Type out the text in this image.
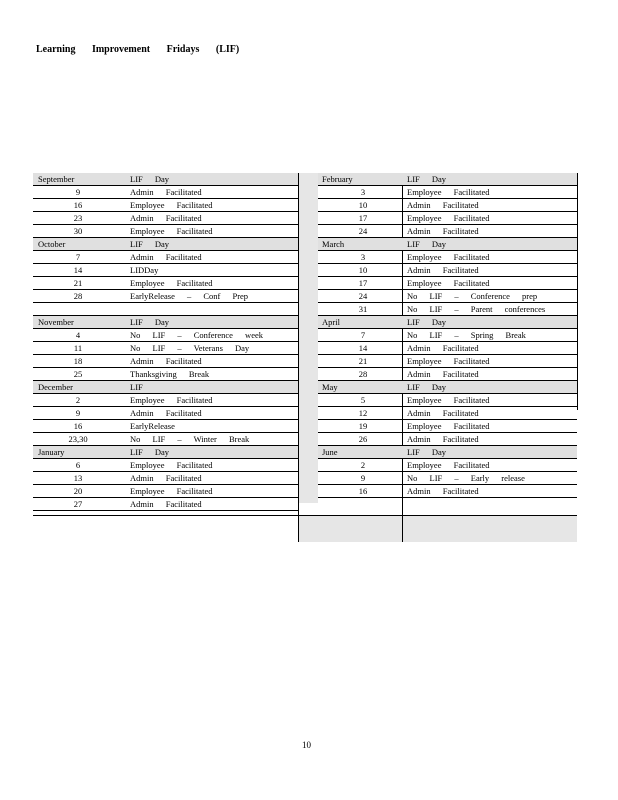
Learning Improvement Fridays (LIF)
September	LIF Day
9	Admin Facilitated
16	Employee Facilitated
23	Admin Facilitated
30	Employee Facilitated
October	LIF Day
7	Admin Facilitated
14	LIDDay
21	Employee Facilitated
28	EarlyRelease – Conf Prep
November	LIF Day
4	No LIF – Conference week
11	No LIF – Veterans Day
18	Admin Facilitated
25	Thanksgiving Break
December	LIF
2	Employee Facilitated
9	Admin Facilitated
16	EarlyRelease
23,30	No LIF – Winter Break
January	LIF Day
6	Employee Facilitated
13	Admin Facilitated
20	Employee Facilitated
27	Admin Facilitated
February	LIF Day
3	Employee Facilitated
10	Admin Facilitated
17	Employee Facilitated
24	Admin Facilitated
March	LIF Day
3	Employee Facilitated
10	Admin Facilitated
17	Employee Facilitated
24	No LIF – Conference prep
31	No LIF – Parent conferences
April	LIF Day
7	No LIF – Spring Break
14	Admin Facilitated
21	Employee Facilitated
28	Admin Facilitated
May	LIF Day
5	Employee Facilitated
12	Admin Facilitated
19	Employee Facilitated
26	Admin Facilitated
June	LIF Day
2	Employee Facilitated
9	No LIF – Early release
16	Admin Facilitated
10
